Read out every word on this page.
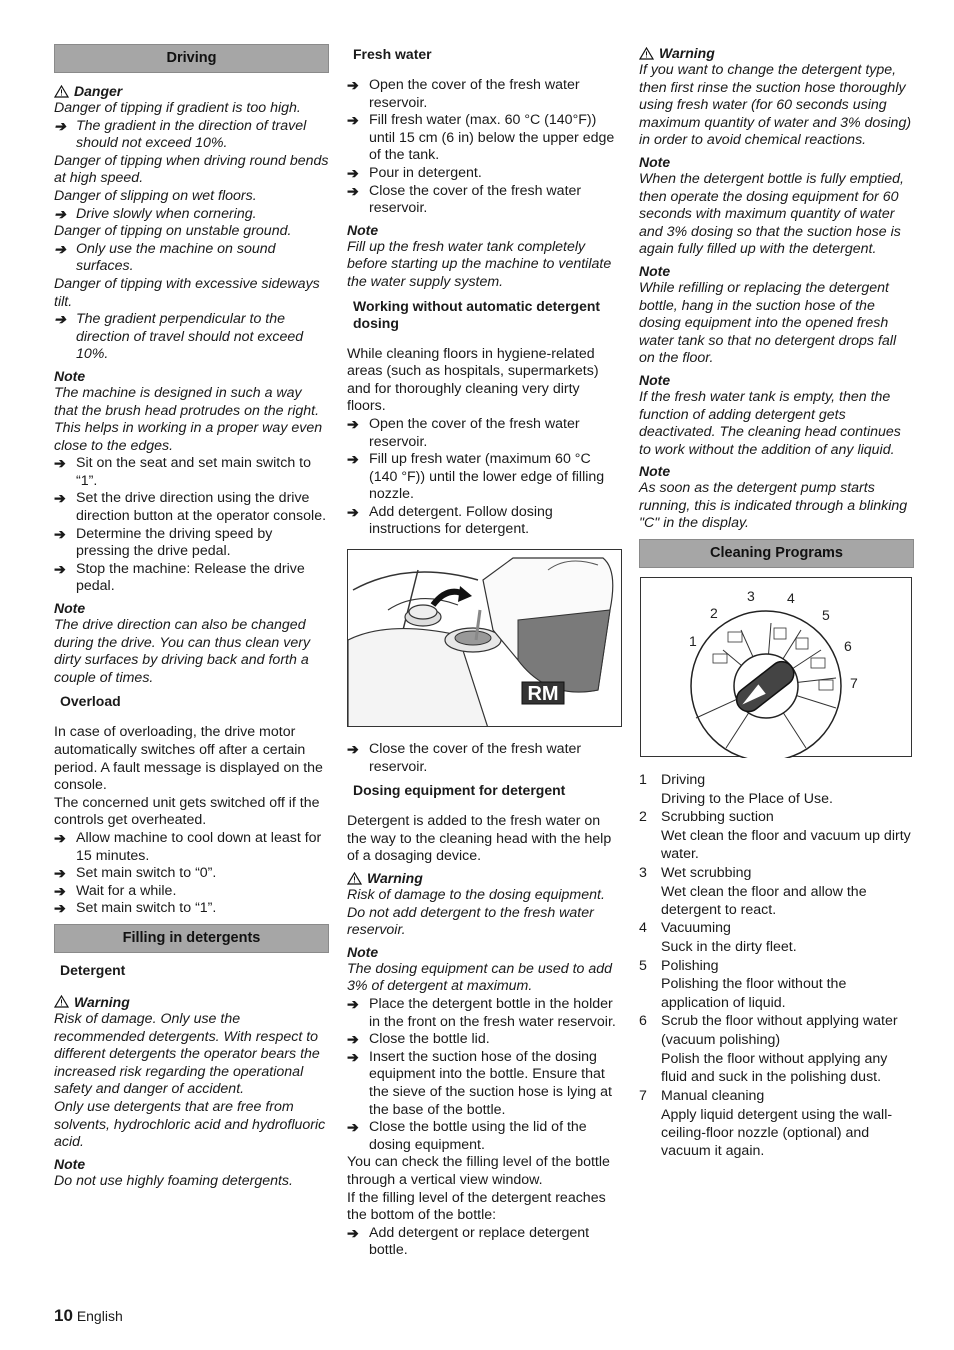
Driving
Danger

Danger of tipping if gradient is too high.

➔ The gradient in the direction of travel should not exceed 10%.

Danger of tipping when driving round bends at high speed.

Danger of slipping on wet floors.

➔ Drive slowly when cornering.

Danger of tipping on unstable ground.

➔ Only use the machine on sound surfaces.

Danger of tipping with excessive sideways tilt.

➔ The gradient perpendicular to the direction of travel should not exceed 10%.
Note

The machine is designed in such a way that the brush head protrudes on the right. This helps in working in a proper way even close to the edges.

➔ Sit on the seat and set main switch to “1”.
➔ Set the drive direction using the drive direction button at the operator console.
➔ Determine the driving speed by pressing the drive pedal.
➔ Stop the machine: Release the drive pedal.
Note

The drive direction can also be changed during the drive. You can thus clean very dirty surfaces by driving back and forth a couple of times.

Overload

In case of overloading, the drive motor automatically switches off after a certain period. A fault message is displayed on the console.

The concerned unit gets switched off if the controls get overheated.

➔ Allow machine to cool down at least for 15 minutes.
➔ Set main switch to “0”.
➔ Wait for a while.
➔ Set main switch to “1”.
Filling in detergents
Detergent
Warning

Risk of damage. Only use the recommended detergents. With respect to different detergents the operator bears the increased risk regarding the operational safety and danger of accident.

Only use detergents that are free from solvents, hydrochloric acid and hydrofluoric acid.

Note

Do not use highly foaming detergents.

Fresh water
➔ Open the cover of the fresh water reservoir.
➔ Fill fresh water (max. 60 °C (140°F)) until 15 cm (6 in) below the upper edge of the tank.
➔ Pour in detergent.
➔ Close the cover of the fresh water reservoir.
Note

Fill up the fresh water tank completely before starting up the machine to ventilate the water supply system.

Working without automatic detergent dosing

While cleaning floors in hygiene-related areas (such as hospitals, supermarkets) and for thoroughly cleaning very dirty floors.

➔ Open the cover of the fresh water reservoir.
➔ Fill up fresh water (maximum 60 °C (140 °F)) until the lower edge of filling nozzle.
➔ Add detergent. Follow dosing instructions for detergent.
RM
➔ Close the cover of the fresh water reservoir.
Dosing equipment for detergent

Detergent is added to the fresh water on the way to the cleaning head with the help of a dosaging device.

Warning

Risk of damage to the dosing equipment. Do not add detergent to the fresh water reservoir.

Note

The dosing equipment can be used to add 3% of detergent at maximum.

➔ Place the detergent bottle in the holder in the front on the fresh water reservoir.
➔ Close the bottle lid.
➔ Insert the suction hose of the dosing equipment into the bottle. Ensure that the sieve of the suction hose is lying at the base of the bottle.
➔ Close the bottle using the lid of the dosing equipment.

You can check the filling level of the bottle through a vertical view window.

If the filling level of the detergent reaches the bottom of the bottle:

➔ Add detergent or replace detergent bottle.
Warning

If you want to change the detergent type, then first rinse the suction hose thoroughly using fresh water (for 60 seconds using maximum quantity of water and 3% dosing) in order to avoid chemical reactions.

Note

When the detergent bottle is fully emptied, then operate the dosing equipment for 60 seconds with maximum quantity of water and 3% dosing so that the suction hose is again fully filled up with the detergent.

Note

While refilling or replacing the detergent bottle, hang in the suction hose of the dosing equipment into the opened fresh water tank so that no detergent drops fall on the floor.

Note

If the fresh water tank is empty, then the function of adding detergent gets deactivated. The cleaning head continues to work without the addition of any liquid.

Note

As soon as the detergent pump starts running, this is indicated through a blinking "C" in the display.

Cleaning Programs
1
2
3 4
5
6
7
1 Driving
Driving to the Place of Use.
2 Scrubbing suction
Wet clean the floor and vacuum up dirty water.
3 Wet scrubbing
Wet clean the floor and allow the detergent to react.
4 Vacuuming
Suck in the dirty fleet.
5 Polishing
Polishing the floor without the application of liquid.
6 Scrub the floor without applying water (vacuum polishing)
Polish the floor without applying any fluid and suck in the polishing dust.
7 Manual cleaning
Apply liquid detergent using the wall-ceiling-floor nozzle (optional) and vacuum it again.
10 English
